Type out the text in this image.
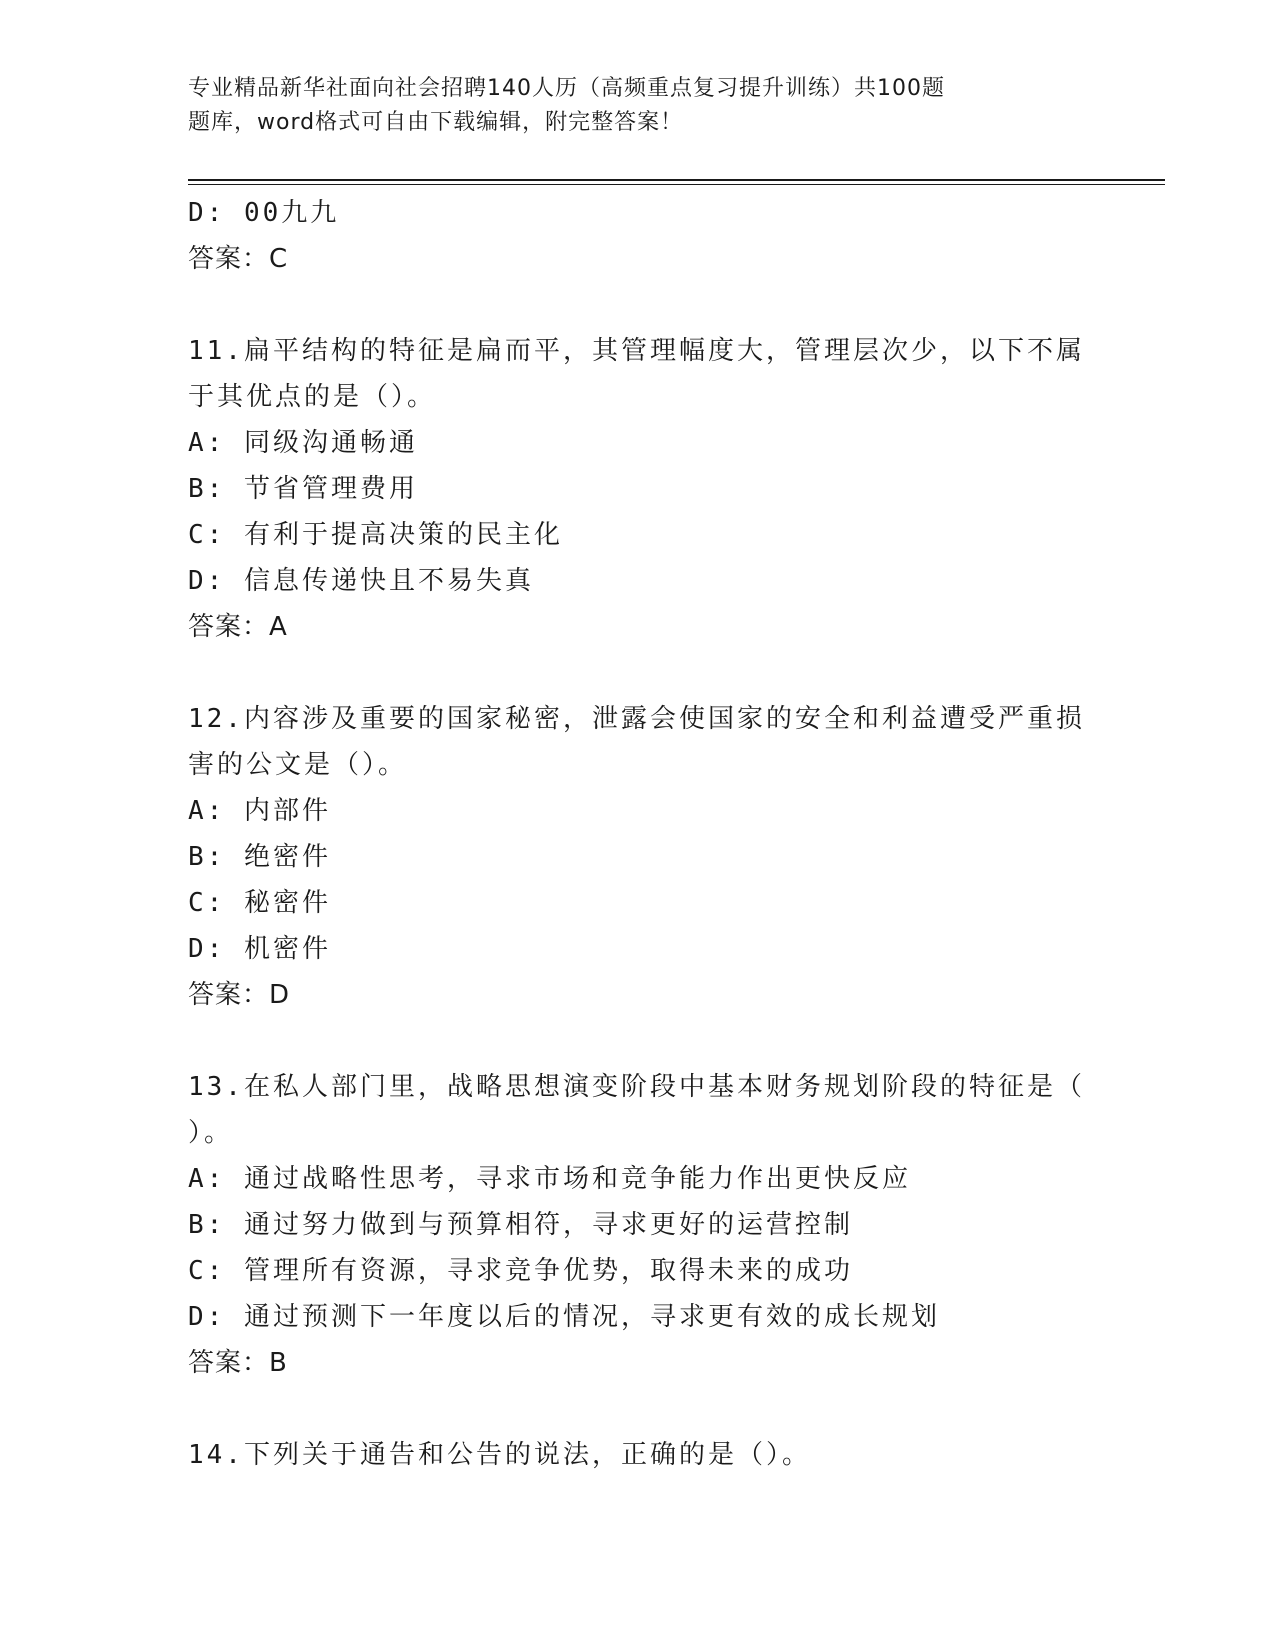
专业精品新华社面向社会招聘140人历（高频重点复习提升训练）共100题
题库，word格式可自由下载编辑，附完整答案！
D: 00九九
答案：C
11.扁平结构的特征是扁而平，其管理幅度大，管理层次少，以下不属
于其优点的是（）。
A: 同级沟通畅通
B: 节省管理费用
C: 有利于提高决策的民主化
D: 信息传递快且不易失真
答案：A
12.内容涉及重要的国家秘密，泄露会使国家的安全和利益遭受严重损
害的公文是（）。
A: 内部件
B: 绝密件
C: 秘密件
D: 机密件
答案：D
13.在私人部门里，战略思想演变阶段中基本财务规划阶段的特征是（
）。
A: 通过战略性思考，寻求市场和竞争能力作出更快反应
B: 通过努力做到与预算相符，寻求更好的运营控制
C: 管理所有资源，寻求竞争优势，取得未来的成功
D: 通过预测下一年度以后的情况，寻求更有效的成长规划
答案：B
14.下列关于通告和公告的说法，正确的是（）。
